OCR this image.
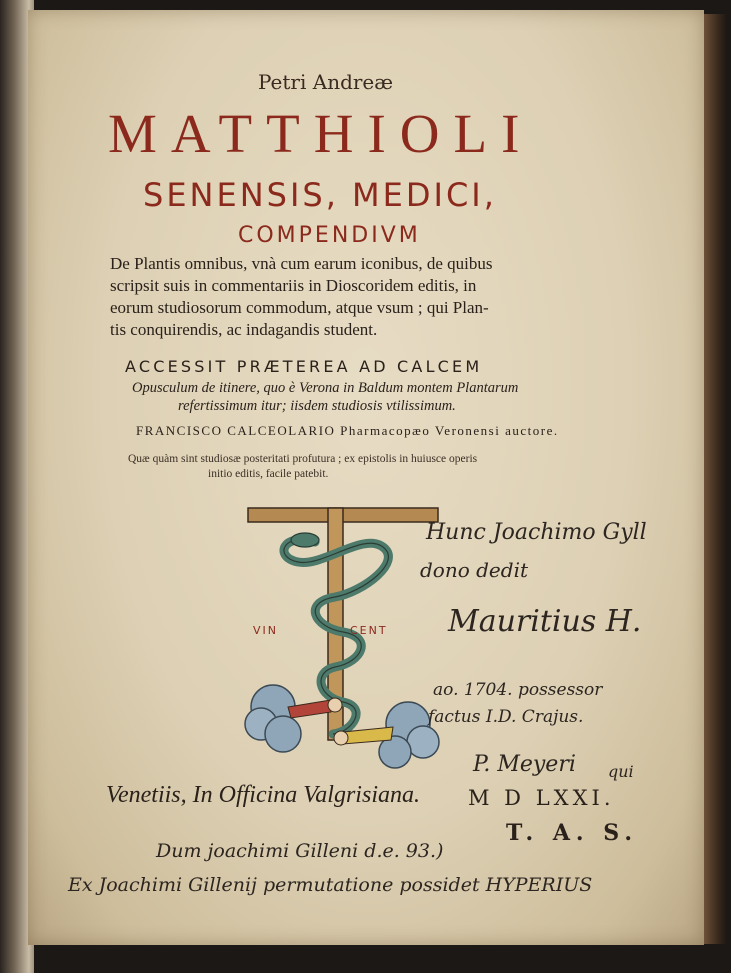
Petri Andreæ
MATTHIOLI
SENENSIS, MEDICI,
COMPENDIVM
De Plantis omnibus, vnà cum earum iconibus, de quibus
scripsit suis in commentariis in Dioscoridem editis, in
eorum studiosorum commodum, atque vsum ; qui Plan-
tis conquirendis, ac indagandis student.
ACCESSIT PRÆTEREA AD CALCEM
Opusculum de itinere, quo è Verona in Baldum montem Plantarum
refertissimum itur; iisdem studiosis vtilissimum.
FRANCISCO CALCEOLARIO Pharmacopæo Veronensi auctore.
Quæ quàm sint studiosæ posteritati profutura ; ex epistolis in huiusce operis
initio editis, facile patebit.
VIN	CENT
Venetiis, In Officina Valgrisiana. M D LXXI.
T. A. S.
Hunc Joachimo Gyll
dono dedit
Mauritius H.
ao. 1704. possessor
factus I.D. Crajus.
P. Meyeri qui
Dum joachimi Gilleni d.e. 93.)
Ex Joachimi Gillenij permutatione possidet HYPERIUS
